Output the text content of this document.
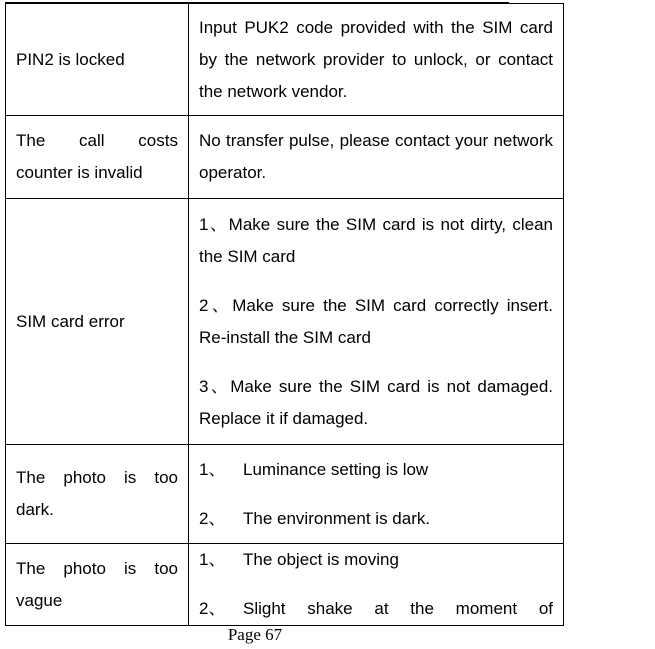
PIN2 is locked	Input PUK2 code provided with the SIM card by the network provider to unlock, or contact the network vendor.

The call costs counter is invalid	No transfer pulse, please contact your network operator.

SIM card error	1、Make sure the SIM card is not dirty, clean the SIM card

2、Make sure the SIM card correctly insert. Re-install the SIM card

3、Make sure the SIM card is not damaged. Replace it if damaged.

The photo is too dark.	1、 Luminance setting is low
2、 The environment is dark.

The photo is too vague	1、 The object is moving
2、 Slight shake at the moment of
Page 67
